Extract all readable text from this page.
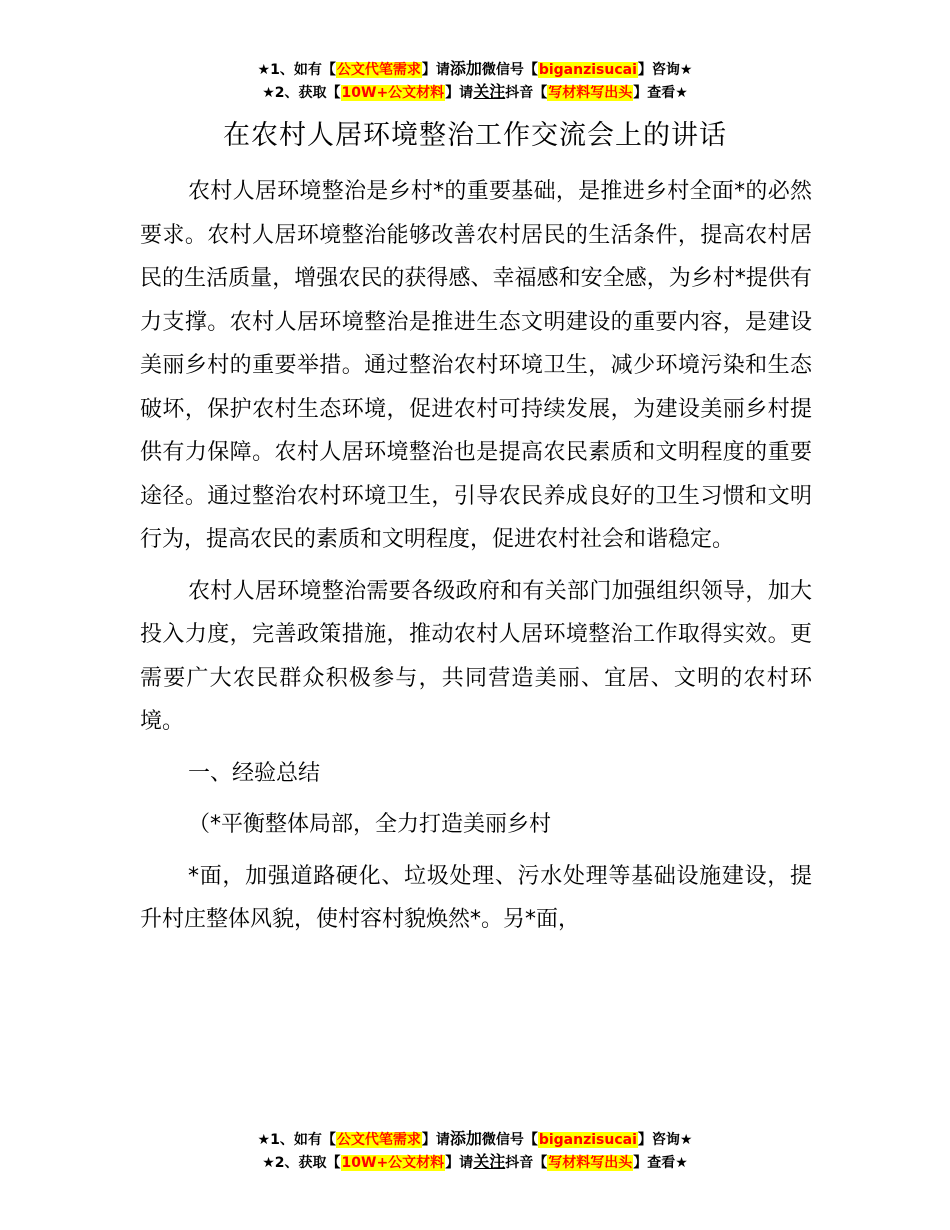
★1、如有【公文代笔需求】请添加微信号【biganzisucai】咨询★
★2、获取【10W+公文材料】请关注抖音【写材料写出头】查看★
在农村人居环境整治工作交流会上的讲话

农村人居环境整治是乡村*的重要基础，是推进乡村全面*的必然要求。农村人居环境整治能够改善农村居民的生活条件，提高农村居民的生活质量，增强农民的获得感、幸福感和安全感，为乡村*提供有力支撑。农村人居环境整治是推进生态文明建设的重要内容，是建设美丽乡村的重要举措。通过整治农村环境卫生，减少环境污染和生态破坏，保护农村生态环境，促进农村可持续发展，为建设美丽乡村提供有力保障。农村人居环境整治也是提高农民素质和文明程度的重要途径。通过整治农村环境卫生，引导农民养成良好的卫生习惯和文明行为，提高农民的素质和文明程度，促进农村社会和谐稳定。

农村人居环境整治需要各级政府和有关部门加强组织领导，加大投入力度，完善政策措施，推动农村人居环境整治工作取得实效。更需要广大农民群众积极参与，共同营造美丽、宜居、文明的农村环境。

一、经验总结

（*平衡整体局部，全力打造美丽乡村

*面，加强道路硬化、垃圾处理、污水处理等基础设施建设，提升村庄整体风貌，使村容村貌焕然*。另*面，

★1、如有【公文代笔需求】请添加微信号【biganzisucai】咨询★
★2、获取【10W+公文材料】请关注抖音【写材料写出头】查看★
